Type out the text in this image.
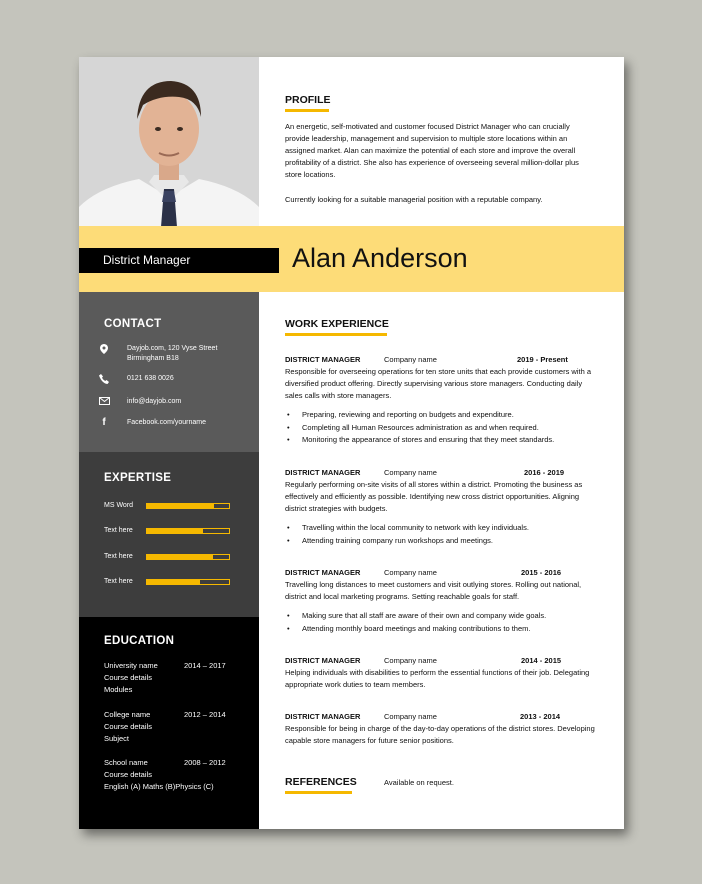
District Manager	Alan Anderson
CONTACT
Dayjob.com, 120 Vyse Street
Birmingham B18
0121 638 0026
info@dayjob.com
f	Facebook.com/yourname
EXPERTISE
MS Word
Text here
Text here
Text here
EDUCATION
University name	2014 – 2017
Course details
Modules
College name	2012 – 2014
Course details
Subject
School name	2008 – 2012
Course details
English (A) Maths (B)Physics (C)
PROFILE
An energetic, self-motivated and customer focused District Manager who can crucially provide leadership, management and supervision to multiple store locations within an assigned market. Alan can maximize the potential of each store and improve the overall profitability of a district. She also has experience of overseeing several million-dollar plus store locations.
Currently looking for a suitable managerial position with a reputable company.
WORK EXPERIENCE
DISTRICT MANAGER	Company name	2019 - Present
Responsible for overseeing operations for ten store units that each provide customers with a diversified product offering. Directly supervising various store managers. Conducting daily sales calls with store managers.
• Preparing, reviewing and reporting on budgets and expenditure.
• Completing all Human Resources administration as and when required.
• Monitoring the appearance of stores and ensuring that they meet standards.
DISTRICT MANAGER	Company name	2016 - 2019
Regularly performing on-site visits of all stores within a district. Promoting the business as effectively and efficiently as possible. Identifying new cross district opportunities. Aligning district strategies with budgets.
• Travelling within the local community to network with key individuals.
• Attending training company run workshops and meetings.
DISTRICT MANAGER	Company name	2015 - 2016
Travelling long distances to meet customers and visit outlying stores. Rolling out national, district and local marketing programs. Setting reachable goals for staff.
• Making sure that all staff are aware of their own and company wide goals.
• Attending monthly board meetings and making contributions to them.
DISTRICT MANAGER	Company name	2014 - 2015
Helping individuals with disabilities to perform the essential functions of their job. Delegating appropriate work duties to team members.
DISTRICT MANAGER	Company name	2013 - 2014
Responsible for being in charge of the day-to-day operations of the district stores. Developing capable store managers for future senior positions.
REFERENCES	Available on request.
